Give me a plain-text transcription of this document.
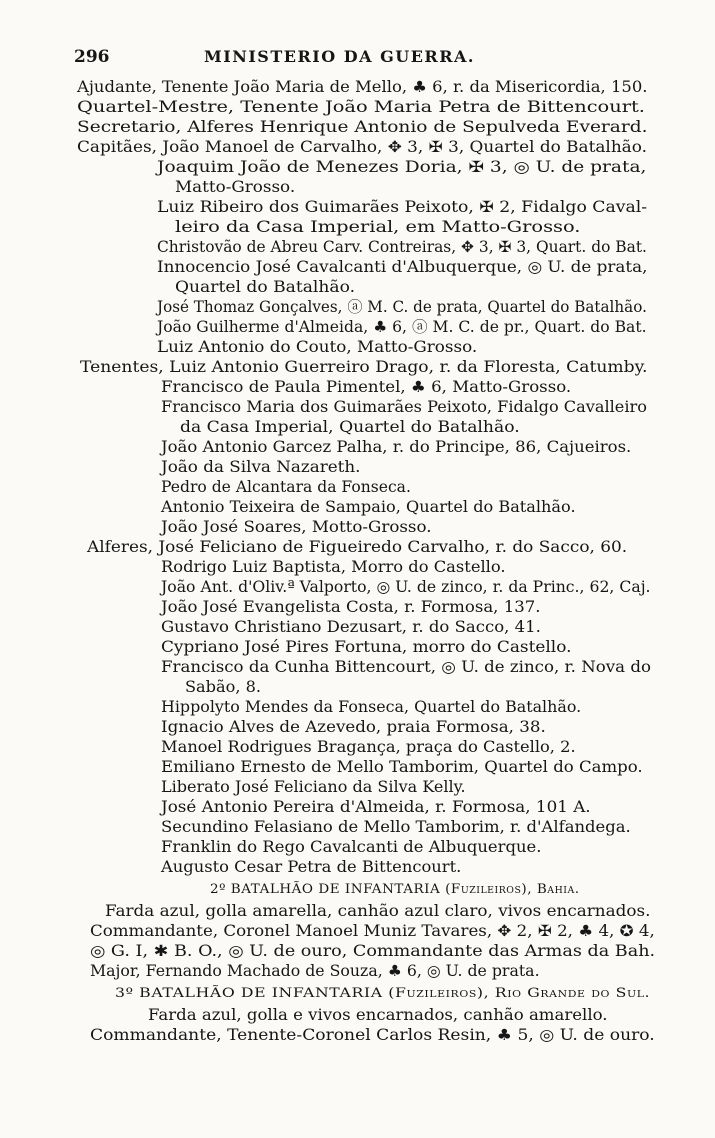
296	MINISTERIO DA GUERRA.
Ajudante, Tenente João Maria de Mello, ♣ 6, r. da Misericordia, 150.
Quartel-Mestre, Tenente João Maria Petra de Bittencourt.
Secretario, Alferes Henrique Antonio de Sepulveda Everard.
Capitães, João Manoel de Carvalho, ✥ 3, ✠ 3, Quartel do Batalhão.
Joaquim João de Menezes Doria, ✠ 3, ◎ U. de prata,
Matto-Grosso.
Luiz Ribeiro dos Guimarães Peixoto, ✠ 2, Fidalgo Caval-
leiro da Casa Imperial, em Matto-Grosso.
Christovão de Abreu Carv. Contreiras, ✥ 3, ✠ 3, Quart. do Bat.
Innocencio José Cavalcanti d'Albuquerque, ◎ U. de prata,
Quartel do Batalhão.
José Thomaz Gonçalves, ⓐ M. C. de prata, Quartel do Batalhão.
João Guilherme d'Almeida, ♣ 6, ⓐ M. C. de pr., Quart. do Bat.
Luiz Antonio do Couto, Matto-Grosso.
Tenentes, Luiz Antonio Guerreiro Drago, r. da Floresta, Catumby.
Francisco de Paula Pimentel, ♣ 6, Matto-Grosso.
Francisco Maria dos Guimarães Peixoto, Fidalgo Cavalleiro
da Casa Imperial, Quartel do Batalhão.
João Antonio Garcez Palha, r. do Principe, 86, Cajueiros.
João da Silva Nazareth.
Pedro de Alcantara da Fonseca.
Antonio Teixeira de Sampaio, Quartel do Batalhão.
João José Soares, Motto-Grosso.
Alferes, José Feliciano de Figueiredo Carvalho, r. do Sacco, 60.
Rodrigo Luiz Baptista, Morro do Castello.
João Ant. d'Oliv.ª Valporto, ◎ U. de zinco, r. da Princ., 62, Caj.
João José Evangelista Costa, r. Formosa, 137.
Gustavo Christiano Dezusart, r. do Sacco, 41.
Cypriano José Pires Fortuna, morro do Castello.
Francisco da Cunha Bittencourt, ◎ U. de zinco, r. Nova do
Sabão, 8.
Hippolyto Mendes da Fonseca, Quartel do Batalhão.
Ignacio Alves de Azevedo, praia Formosa, 38.
Manoel Rodrigues Bragança, praça do Castello, 2.
Emiliano Ernesto de Mello Tamborim, Quartel do Campo.
Liberato José Feliciano da Silva Kelly.
José Antonio Pereira d'Almeida, r. Formosa, 101 A.
Secundino Felasiano de Mello Tamborim, r. d'Alfandega.
Franklin do Rego Cavalcanti de Albuquerque.
Augusto Cesar Petra de Bittencourt.
2º BATALHÃO DE INFANTARIA (Fuzileiros), Bahia.
Farda azul, golla amarella, canhão azul claro, vivos encarnados.
Commandante, Coronel Manoel Muniz Tavares, ✥ 2, ✠ 2, ♣ 4, ✪ 4,
◎ G. I, ✱ B. O., ◎ U. de ouro, Commandante das Armas da Bah.
Major, Fernando Machado de Souza, ♣ 6, ◎ U. de prata.
3º BATALHÃO DE INFANTARIA (Fuzileiros), Rio Grande do Sul.
Farda azul, golla e vivos encarnados, canhão amarello.
Commandante, Tenente-Coronel Carlos Resin, ♣ 5, ◎ U. de ouro.
